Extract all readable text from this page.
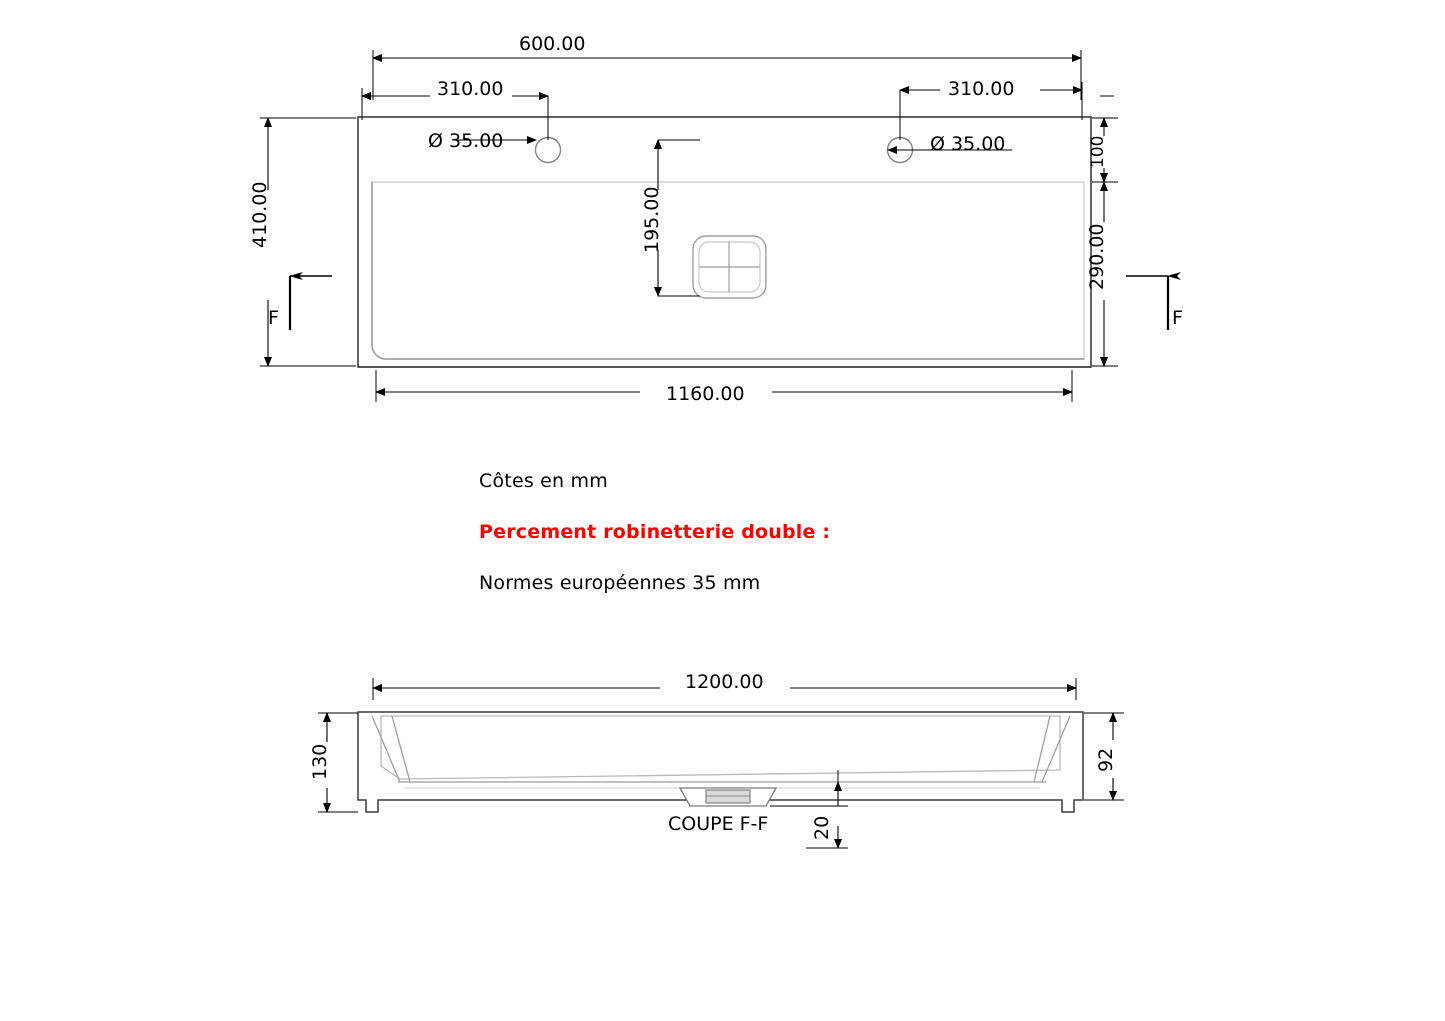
600.00
310.00	310.00
Ø 35.00	Ø 35.00
410.00	195.00
100
290.00
1160.00
F	F
1200.00
130	92
20

Côtes en mm

Percement robinetterie double :

Normes européennes 35 mm

COUPE F-F
